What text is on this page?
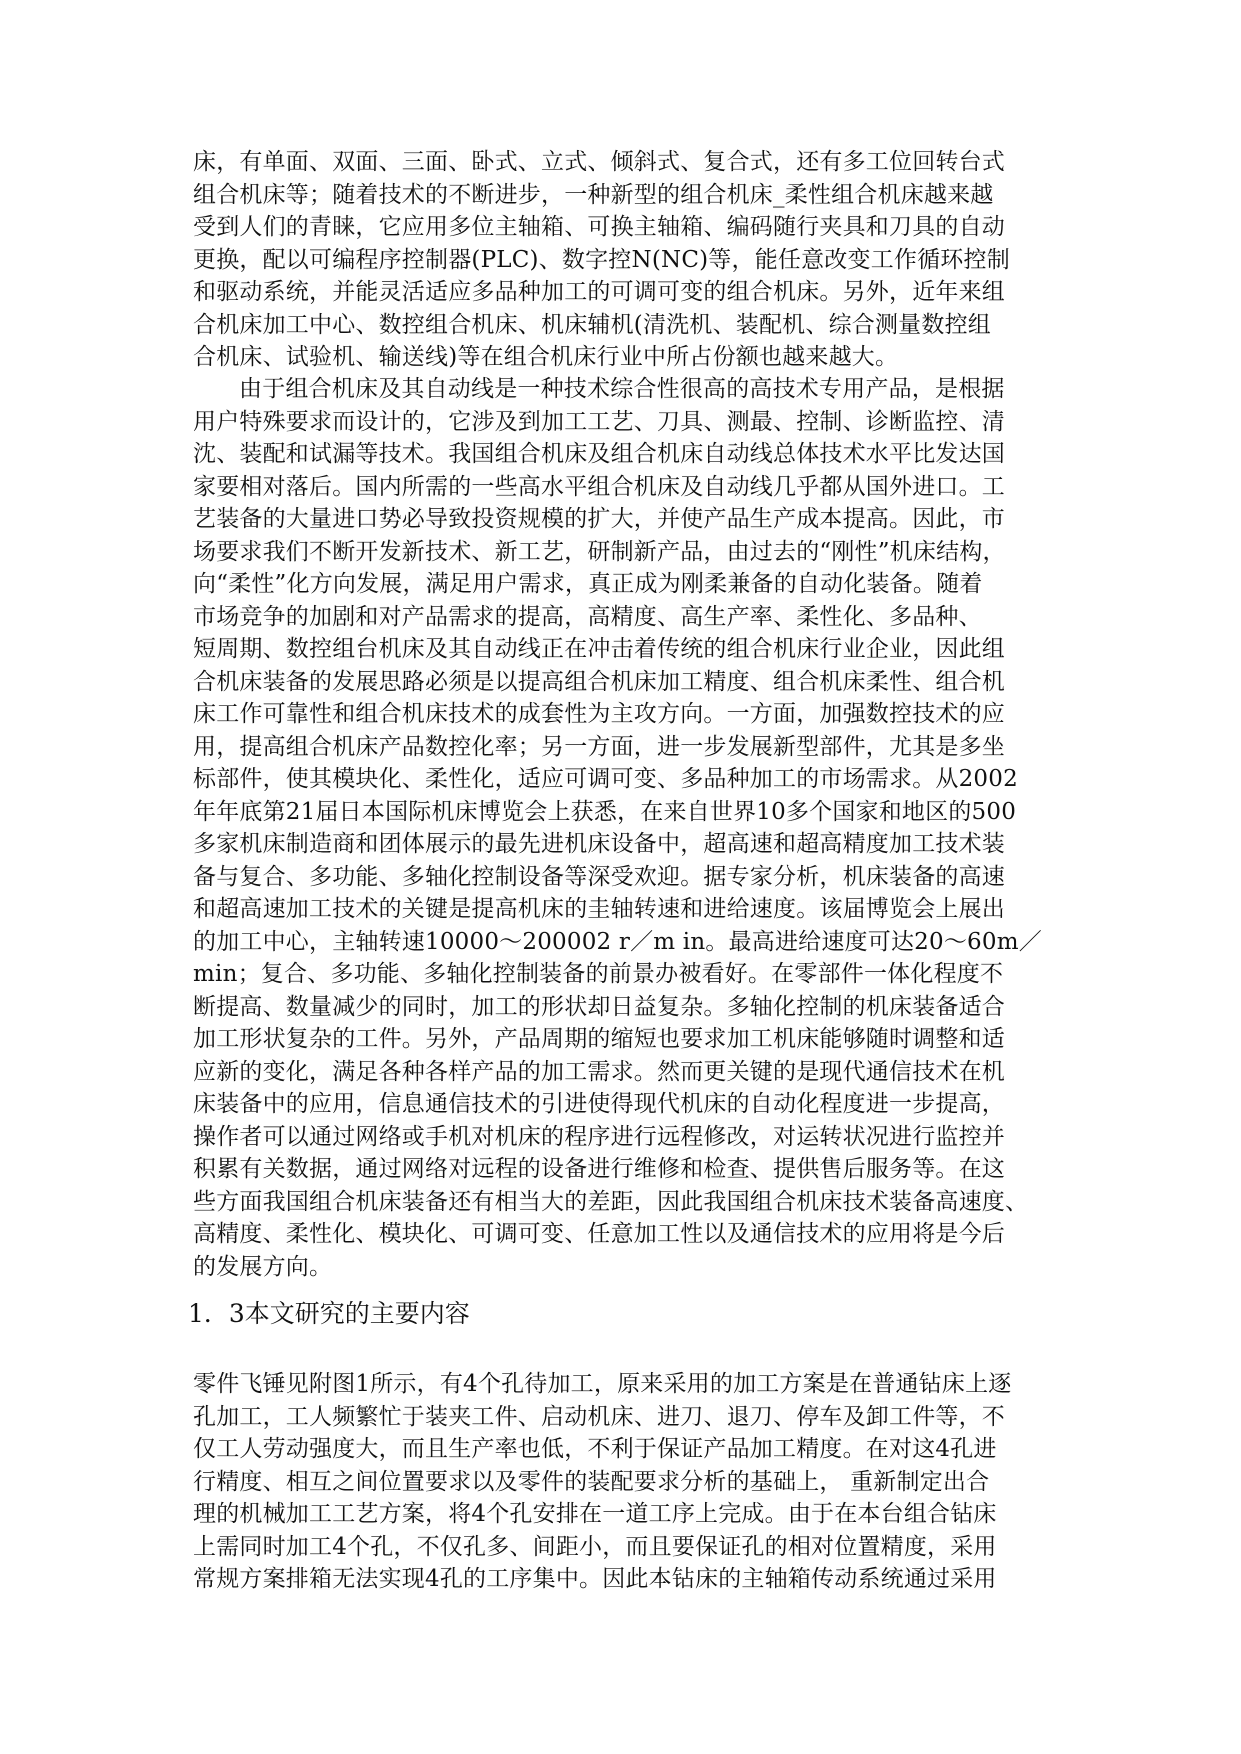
床，有单面、双面、三面、卧式、立式、倾斜式、复合式，还有多工位回转台式
组合机床等；随着技术的不断进步，一种新型的组合机床_柔性组合机床越来越
受到人们的青睐，它应用多位主轴箱、可换主轴箱、编码随行夹具和刀具的自动
更换，配以可编程序控制器(PLC)、数字控N(NC)等，能任意改变工作循环控制
和驱动系统，并能灵活适应多品种加工的可调可变的组合机床。另外，近年来组
合机床加工中心、数控组合机床、机床辅机(清洗机、装配机、综合测量数控组
合机床、试验机、输送线)等在组合机床行业中所占份额也越来越大。
由于组合机床及其自动线是一种技术综合性很高的高技术专用产品，是根据
用户特殊要求而设计的，它涉及到加工工艺、刀具、测最、控制、诊断监控、清
沈、装配和试漏等技术。我国组合机床及组合机床自动线总体技术水平比发达国
家要相对落后。国内所需的一些高水平组合机床及自动线几乎都从国外进口。工
艺装备的大量进口势必导致投资规模的扩大，并使产品生产成本提高。因此，市
场要求我们不断开发新技术、新工艺，研制新产品，由过去的“刚性”机床结构，
向“柔性”化方向发展，满足用户需求，真正成为刚柔兼备的自动化装备。随着
市场竞争的加剧和对产品需求的提高，高精度、高生产率、柔性化、多品种、
短周期、数控组台机床及其自动线正在冲击着传统的组合机床行业企业，因此组
合机床装备的发展思路必须是以提高组合机床加工精度、组合机床柔性、组合机
床工作可靠性和组合机床技术的成套性为主攻方向。一方面，加强数控技术的应
用，提高组合机床产品数控化率；另一方面，进一步发展新型部件，尤其是多坐
标部件，使其模块化、柔性化，适应可调可变、多品种加工的市场需求。从2002
年年底第21届日本国际机床博览会上获悉，在来自世界10多个国家和地区的500
多家机床制造商和团体展示的最先进机床设备中，超高速和超高精度加工技术装
备与复合、多功能、多轴化控制设备等深受欢迎。据专家分析，机床装备的高速
和超高速加工技术的关键是提高机床的圭轴转速和进给速度。该届博览会上展出
的加工中心，主轴转速10000～200002 r／m in。最高进给速度可达20～60m／
min；复合、多功能、多轴化控制装备的前景办被看好。在零部件一体化程度不
断提高、数量减少的同时，加工的形状却日益复杂。多轴化控制的机床装备适合
加工形状复杂的工件。另外，产品周期的缩短也要求加工机床能够随时调整和适
应新的变化，满足各种各样产品的加工需求。然而更关键的是现代通信技术在机
床装备中的应用，信息通信技术的引进使得现代机床的自动化程度进一步提高，
操作者可以通过网络或手机对机床的程序进行远程修改，对运转状况进行监控并
积累有关数据，通过网络对远程的设备进行维修和检查、提供售后服务等。在这
些方面我国组合机床装备还有相当大的差距，因此我国组合机床技术装备高速度、
高精度、柔性化、模块化、可调可变、任意加工性以及通信技术的应用将是今后
的发展方向。
1．3本文研究的主要内容
零件飞锤见附图1所示，有4个孔待加工，原来采用的加工方案是在普通钻床上逐
孔加工，工人频繁忙于装夹工件、启动机床、进刀、退刀、停车及卸工件等，不
仅工人劳动强度大，而且生产率也低，不利于保证产品加工精度。在对这4孔进
行精度、相互之间位置要求以及零件的装配要求分析的基础上， 重新制定出合
理的机械加工工艺方案，将4个孔安排在一道工序上完成。由于在本台组合钻床
上需同时加工4个孔，不仅孔多、间距小，而且要保证孔的相对位置精度，采用
常规方案排箱无法实现4孔的工序集中。因此本钻床的主轴箱传动系统通过采用
